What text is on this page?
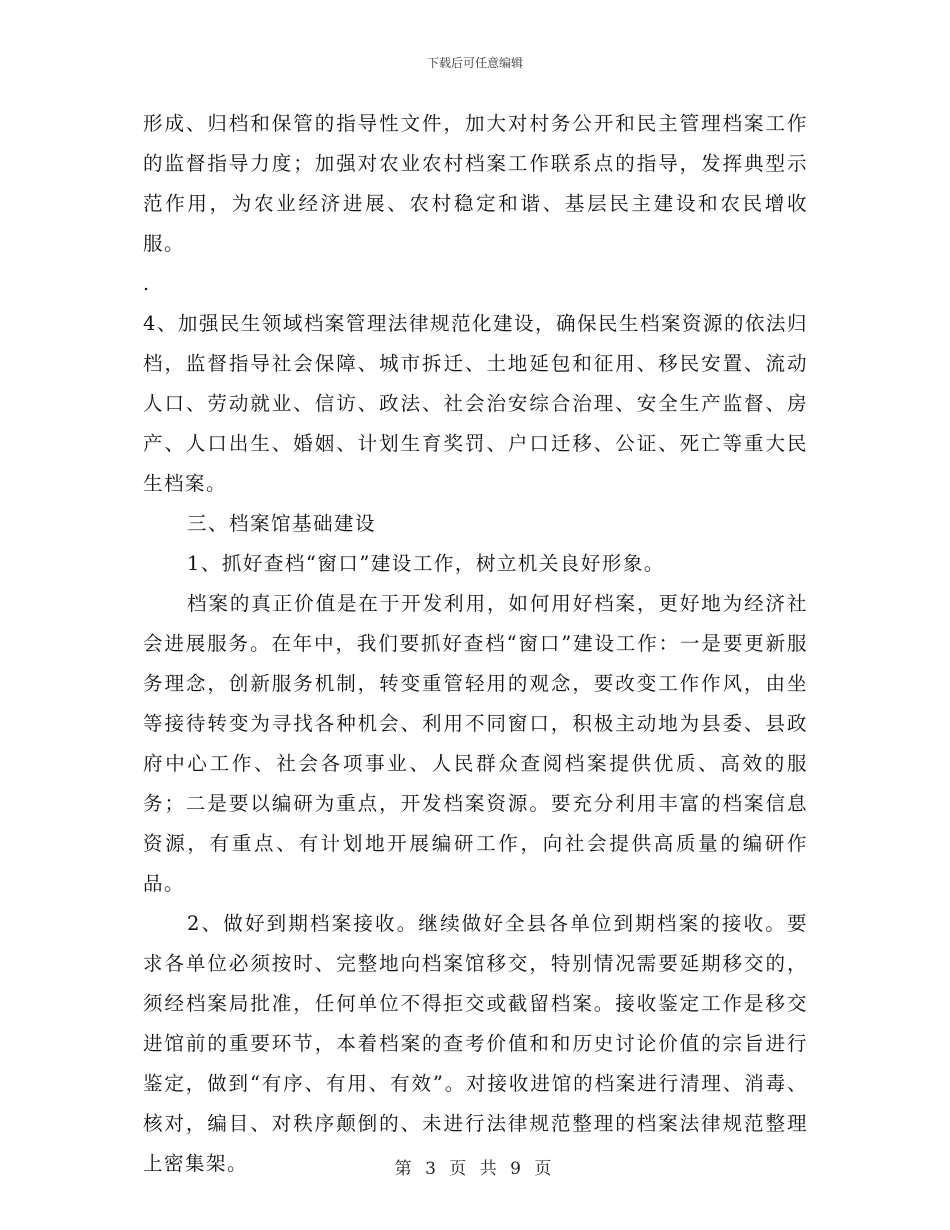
下载后可任意编辑

形成、归档和保管的指导性文件，加大对村务公开和民主管理档案工作的监督指导力度；加强对农业农村档案工作联系点的指导，发挥典型示范作用，为农业经济进展、农村稳定和谐、基层民主建设和农民增收服。

.

4、加强民生领域档案管理法律规范化建设，确保民生档案资源的依法归档，监督指导社会保障、城市拆迁、土地延包和征用、移民安置、流动人口、劳动就业、信访、政法、社会治安综合治理、安全生产监督、房产、人口出生、婚姻、计划生育奖罚、户口迁移、公证、死亡等重大民生档案。

三、档案馆基础建设

1、抓好查档“窗口”建设工作，树立机关良好形象。

档案的真正价值是在于开发利用，如何用好档案，更好地为经济社会进展服务。在年中，我们要抓好查档“窗口”建设工作：一是要更新服务理念，创新服务机制，转变重管轻用的观念，要改变工作作风，由坐等接待转变为寻找各种机会、利用不同窗口，积极主动地为县委、县政府中心工作、社会各项事业、人民群众查阅档案提供优质、高效的服务；二是要以编研为重点，开发档案资源。要充分利用丰富的档案信息资源，有重点、有计划地开展编研工作，向社会提供高质量的编研作品。

2、做好到期档案接收。继续做好全县各单位到期档案的接收。要求各单位必须按时、完整地向档案馆移交，特别情况需要延期移交的，须经档案局批准，任何单位不得拒交或截留档案。接收鉴定工作是移交进馆前的重要环节，本着档案的查考价值和和历史讨论价值的宗旨进行鉴定，做到“有序、有用、有效”。对接收进馆的档案进行清理、消毒、核对，编目、对秩序颠倒的、未进行法律规范整理的档案法律规范整理上密集架。	第 3 页 共 9 页
